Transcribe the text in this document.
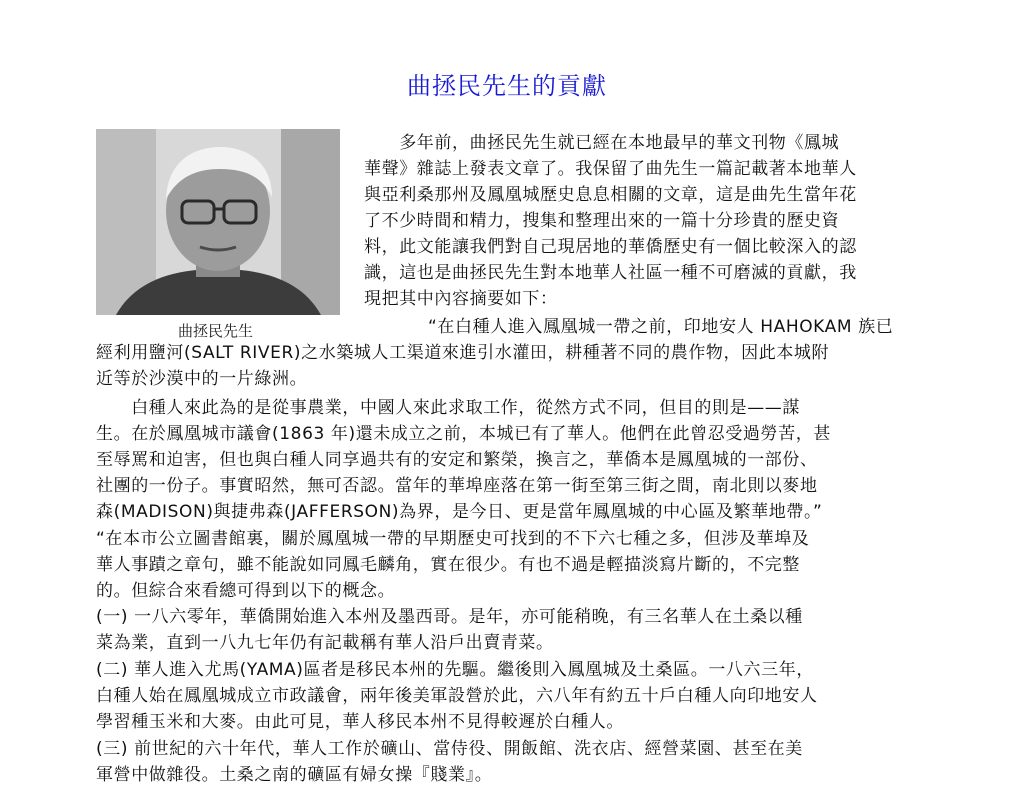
曲拯民先生的貢獻
曲拯民先生
　　多年前，曲拯民先生就已經在本地最早的華文刊物《鳳城
華聲》雜誌上發表文章了。我保留了曲先生一篇記載著本地華人
與亞利桑那州及鳳凰城歷史息息相關的文章，這是曲先生當年花
了不少時間和精力，搜集和整理出來的一篇十分珍貴的歷史資
料，此文能讓我們對自己現居地的華僑歷史有一個比較深入的認
識，這也是曲拯民先生對本地華人社區一種不可磨滅的貢獻，我
現把其中內容摘要如下：
“在白種人進入鳳凰城一帶之前，印地安人 HAHOKAM 族已
經利用鹽河(SALT RIVER)之水築城人工渠道來進引水灌田，耕種著不同的農作物，因此本城附
近等於沙漠中的一片綠洲。
　　白種人來此為的是從事農業，中國人來此求取工作，從然方式不同，但目的則是——謀
生。在於鳳凰城市議會(1863 年)還未成立之前，本城已有了華人。他們在此曾忍受過勞苦，甚
至辱罵和迫害，但也與白種人同享過共有的安定和繁榮，換言之，華僑本是鳳凰城的一部份、
社團的一份子。事實昭然，無可否認。當年的華埠座落在第一街至第三街之間，南北則以麥地
森(MADISON)與捷弗森(JAFFERSON)為界，是今日、更是當年鳳凰城的中心區及繁華地帶。”
“在本市公立圖書館裏，關於鳳凰城一帶的早期歷史可找到的不下六七種之多，但涉及華埠及
華人事蹟之章句，雖不能說如同鳳毛麟角，實在很少。有也不過是輕描淡寫片斷的，不完整
的。但綜合來看總可得到以下的概念。
(一) 一八六零年，華僑開始進入本州及墨西哥。是年，亦可能稍晚，有三名華人在土桑以種
菜為業，直到一八九七年仍有記載稱有華人沿戶出賣青菜。
(二) 華人進入尤馬(YAMA)區者是移民本州的先驅。繼後則入鳳凰城及土桑區。一八六三年，
白種人始在鳳凰城成立市政議會，兩年後美軍設營於此，六八年有約五十戶白種人向印地安人
學習種玉米和大麥。由此可見，華人移民本州不見得較遲於白種人。
(三) 前世紀的六十年代，華人工作於礦山、當侍役、開飯館、洗衣店、經營菜園、甚至在美
軍營中做雜役。土桑之南的礦區有婦女操『賤業』。
